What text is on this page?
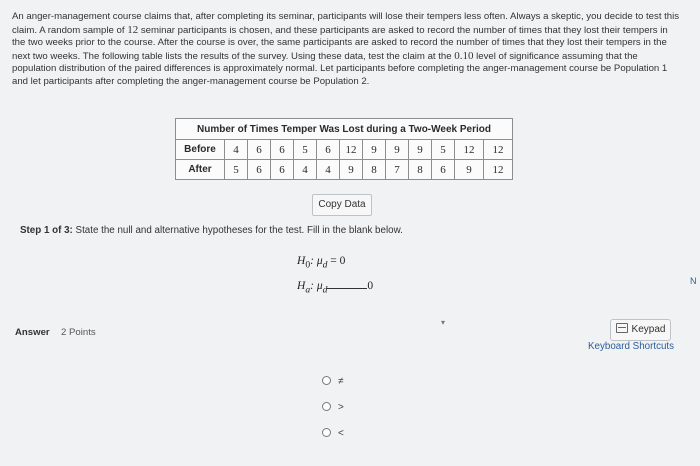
An anger-management course claims that, after completing its seminar, participants will lose their tempers less often. Always a skeptic, you decide to test this claim. A random sample of 12 seminar participants is chosen, and these participants are asked to record the number of times that they lost their tempers in the two weeks prior to the course. After the course is over, the same participants are asked to record the number of times that they lost their tempers in the next two weeks. The following table lists the results of the survey. Using these data, test the claim at the 0.10 level of significance assuming that the population distribution of the paired differences is approximately normal. Let participants before completing the anger-management course be Population 1 and let participants after completing the anger-management course be Population 2.
Number of Times Temper Was Lost during a Two-Week Period												
Before	4	6	6	5	6	12	9	9	9	5	12	12
After	5	6	6	4	4	9	8	7	8	6	9	12
Copy Data
Step 1 of 3: State the null and alternative hypotheses for the test. Fill in the blank below.
$H_0$: $\mu_d = 0$
$H_a$: $\mu_d$	0
Answer 2 Points
▾
Keypad
Keyboard Shortcuts
≠
>
<
N
